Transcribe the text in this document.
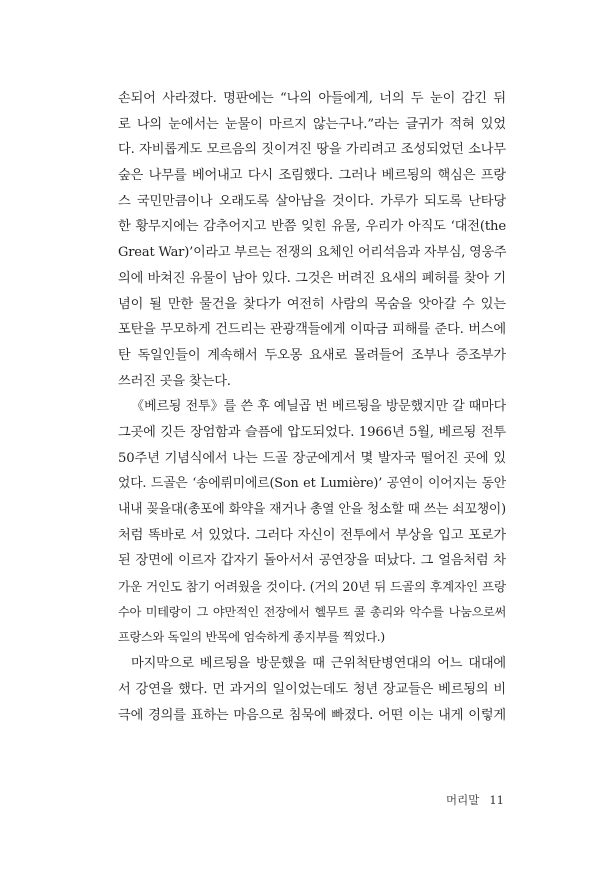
손되어 사라졌다. 명판에는 “나의 아들에게, 너의 두 눈이 감긴 뒤
로 나의 눈에서는 눈물이 마르지 않는구나.”라는 글귀가 적혀 있었
다. 자비롭게도 모르음의 짓이겨진 땅을 가리려고 조성되었던 소나무
숲은 나무를 베어내고 다시 조림했다. 그러나 베르됭의 핵심은 프랑
스 국민만큼이나 오래도록 살아남을 것이다. 가루가 되도록 난타당
한 황무지에는 감추어지고 반쯤 잊힌 유물, 우리가 아직도 ‘대전(the
Great War)’이라고 부르는 전쟁의 요체인 어리석음과 자부심, 영웅주
의에 바쳐진 유물이 남아 있다. 그것은 버려진 요새의 폐허를 찾아 기
념이 될 만한 물건을 찾다가 여전히 사람의 목숨을 앗아갈 수 있는
포탄을 무모하게 건드리는 관광객들에게 이따금 피해를 준다. 버스에
탄 독일인들이 계속해서 두오몽 요새로 몰려들어 조부나 증조부가
쓰러진 곳을 찾는다.
《베르됭 전투》를 쓴 후 예닐곱 번 베르됭을 방문했지만 갈 때마다
그곳에 깃든 장엄함과 슬픔에 압도되었다. 1966년 5월, 베르됭 전투
50주년 기념식에서 나는 드골 장군에게서 몇 발자국 떨어진 곳에 있
었다. 드골은 ‘송에뤼미에르(Son et Lumière)’ 공연이 이어지는 동안
내내 꽂을대(총포에 화약을 재거나 총열 안을 청소할 때 쓰는 쇠꼬챙이)
처럼 똑바로 서 있었다. 그러다 자신이 전투에서 부상을 입고 포로가
된 장면에 이르자 갑자기 돌아서서 공연장을 떠났다. 그 얼음처럼 차
가운 거인도 참기 어려웠을 것이다. (거의 20년 뒤 드골의 후계자인 프랑
수아 미테랑이 그 야만적인 전장에서 헬무트 콜 총리와 악수를 나눔으로써
프랑스와 독일의 반목에 엄숙하게 종지부를 찍었다.)
마지막으로 베르됭을 방문했을 때 근위척탄병연대의 어느 대대에
서 강연을 했다. 먼 과거의 일이었는데도 청년 장교들은 베르됭의 비
극에 경의를 표하는 마음으로 침묵에 빠졌다. 어떤 이는 내게 이렇게
머리말 11
